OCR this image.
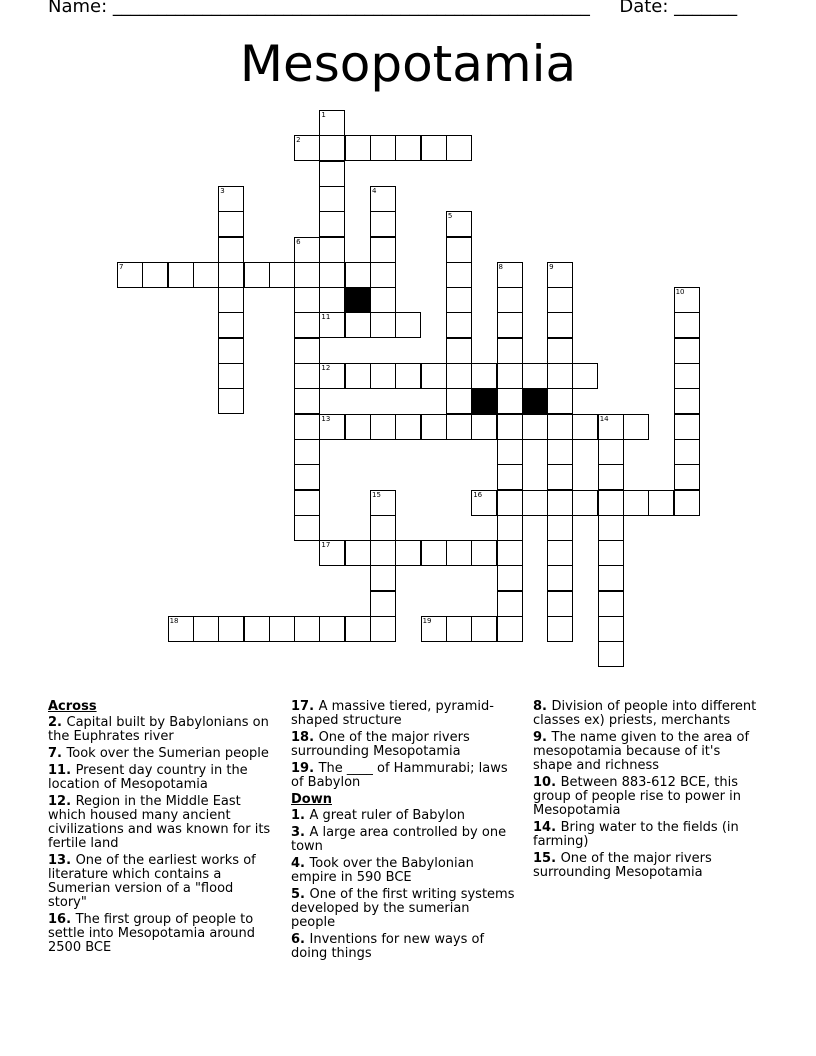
Name: _____________________________________________________ Date: _______
Mesopotamia
1
2
3	4
5
6
7	8	9
10
11
12
13	14
15	16
17
18	19
Across
2. Capital built by Babylonians on the Euphrates river
7. Took over the Sumerian people
11. Present day country in the location of Mesopotamia
12. Region in the Middle East which housed many ancient civilizations and was known for its fertile land
13. One of the earliest works of literature which contains a Sumerian version of a "flood story"
16. The first group of people to settle into Mesopotamia around 2500 BCE
17. A massive tiered, pyramid-shaped structure
18. One of the major rivers surrounding Mesopotamia
19. The ____ of Hammurabi; laws of Babylon
Down
1. A great ruler of Babylon
3. A large area controlled by one town
4. Took over the Babylonian empire in 590 BCE
5. One of the first writing systems developed by the sumerian people
6. Inventions for new ways of doing things
8. Division of people into different classes ex) priests, merchants
9. The name given to the area of mesopotamia because of it's shape and richness
10. Between 883-612 BCE, this group of people rise to power in Mesopotamia
14. Bring water to the fields (in farming)
15. One of the major rivers surrounding Mesopotamia
